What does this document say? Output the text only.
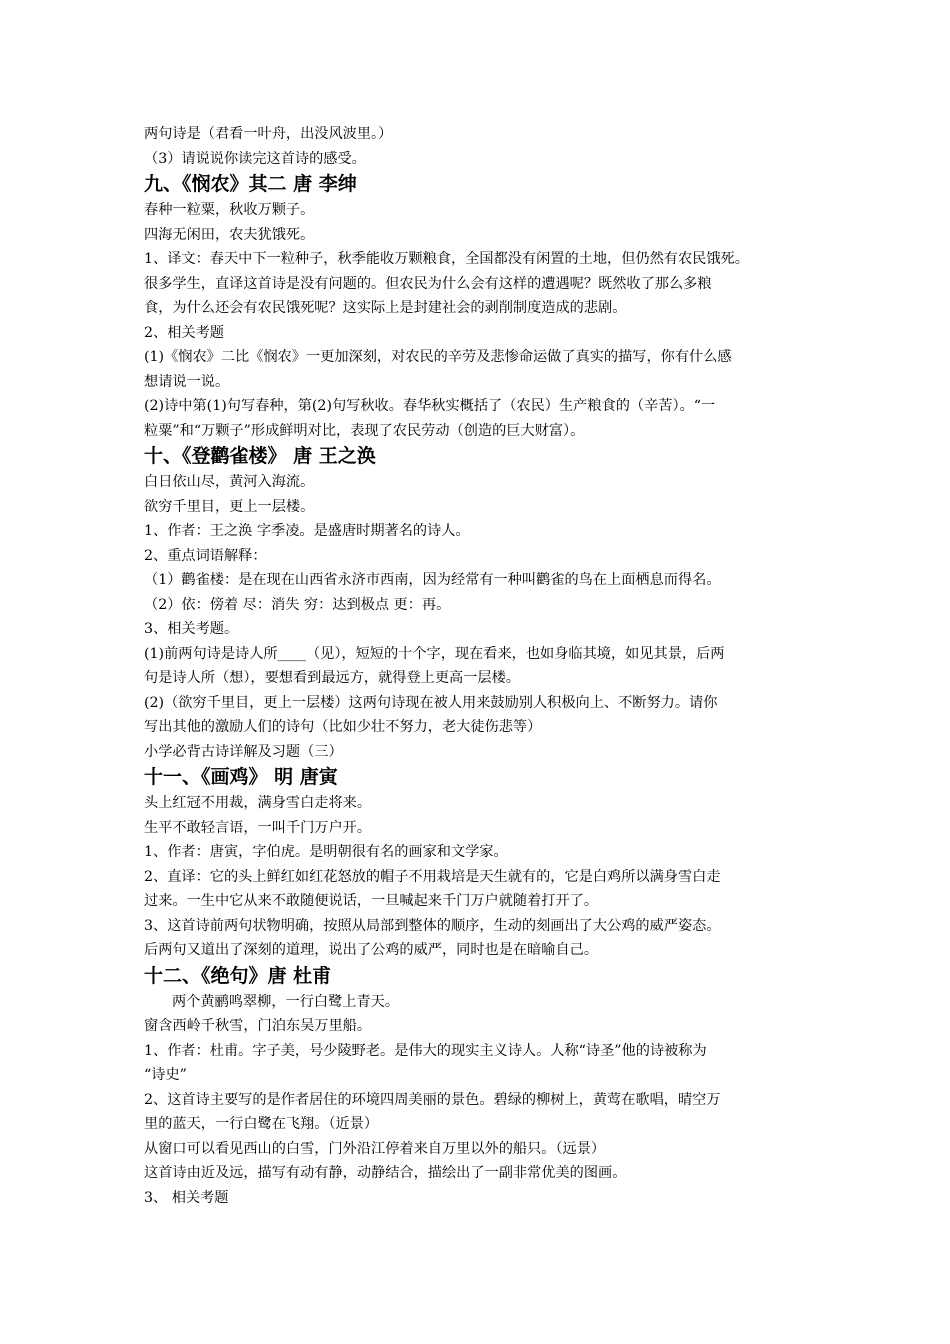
两句诗是（君看一叶舟，出没风波里。）
（3）请说说你读完这首诗的感受。
九、《悯农》其二 唐 李绅
春种一粒粟，秋收万颗子。
四海无闲田，农夫犹饿死。
1、译文：春天中下一粒种子，秋季能收万颗粮食，全国都没有闲置的土地，但仍然有农民饿死。
很多学生，直译这首诗是没有问题的。但农民为什么会有这样的遭遇呢？既然收了那么多粮
食，为什么还会有农民饿死呢？这实际上是封建社会的剥削制度造成的悲剧。
2、相关考题
(1)《悯农》二比《悯农》一更加深刻，对农民的辛劳及悲惨命运做了真实的描写，你有什么感
想请说一说。
(2)诗中第(1)句写春种，第(2)句写秋收。春华秋实概括了（农民）生产粮食的（辛苦）。“一
粒粟”和“万颗子”形成鲜明对比，表现了农民劳动（创造的巨大财富）。
十、《登鹳雀楼》 唐 王之涣
白日依山尽，黄河入海流。
欲穷千里目，更上一层楼。
1、作者：王之涣 字季凌。是盛唐时期著名的诗人。
2、重点词语解释：
（1）鹳雀楼：是在现在山西省永济市西南，因为经常有一种叫鹳雀的鸟在上面栖息而得名。
（2）依：傍着 尽：消失 穷：达到极点 更：再。
3、相关考题。
(1)前两句诗是诗人所____（见），短短的十个字，现在看来，也如身临其境，如见其景，后两
句是诗人所（想），要想看到最远方，就得登上更高一层楼。
(2)（欲穷千里目，更上一层楼）这两句诗现在被人用来鼓励别人积极向上、不断努力。请你
写出其他的激励人们的诗句（比如少壮不努力，老大徒伤悲等）
小学必背古诗详解及习题（三）
十一、《画鸡》 明 唐寅
头上红冠不用裁，满身雪白走将来。
生平不敢轻言语，一叫千门万户开。
1、作者：唐寅，字伯虎。是明朝很有名的画家和文学家。
2、直译：它的头上鲜红如红花怒放的帽子不用栽培是天生就有的，它是白鸡所以满身雪白走
过来。一生中它从来不敢随便说话，一旦喊起来千门万户就随着打开了。
3、这首诗前两句状物明确，按照从局部到整体的顺序，生动的刻画出了大公鸡的威严姿态。
后两句又道出了深刻的道理，说出了公鸡的威严，同时也是在暗喻自己。
十二、《绝句》唐 杜甫
两个黄鹂鸣翠柳，一行白鹭上青天。
窗含西岭千秋雪，门泊东吴万里船。
1、作者：杜甫。字子美，号少陵野老。是伟大的现实主义诗人。人称“诗圣”他的诗被称为
“诗史”
2、这首诗主要写的是作者居住的环境四周美丽的景色。碧绿的柳树上，黄莺在歌唱，晴空万
里的蓝天，一行白鹭在飞翔。（近景）
从窗口可以看见西山的白雪，门外沿江停着来自万里以外的船只。（远景）
这首诗由近及远，描写有动有静，动静结合，描绘出了一副非常优美的图画。
3、 相关考题
